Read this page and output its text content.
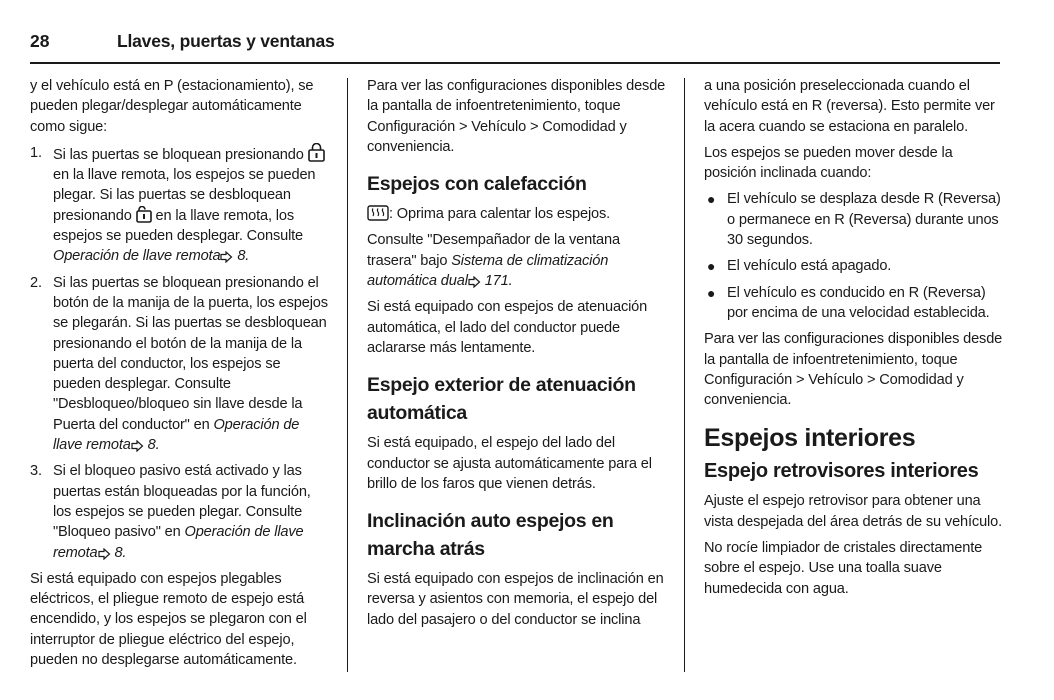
28	Llaves, puertas y ventanas

y el vehículo está en P (estacionamiento), se pueden plegar/desplegar automáticamente como sigue:

1. Si las puertas se bloquean presionando
en la llave remota, los espejos se pueden plegar. Si las puertas se desbloquean presionando en la llave remota, los espejos se pueden desplegar. Consulte Operación de llave remota 8.
2. Si las puertas se bloquean presionando el botón de la manija de la puerta, los espejos se plegarán. Si las puertas se desbloquean presionando el botón de la manija de la puerta del conductor, los espejos se pueden desplegar. Consulte "Desbloqueo/bloqueo sin llave desde la Puerta del conductor" en Operación de llave remota 8.
3. Si el bloqueo pasivo está activado y las puertas están bloqueadas por la función, los espejos se pueden plegar. Consulte "Bloqueo pasivo" en Operación de llave remota 8.

Si está equipado con espejos plegables eléctricos, el pliegue remoto de espejo está encendido, y los espejos se plegaron con el interruptor de pliegue eléctrico del espejo, pueden no desplegarse automáticamente.

Para ver las configuraciones disponibles desde la pantalla de infoentretenimiento, toque Configuración > Vehículo > Comodidad y conveniencia.

Espejos con calefacción

: Oprima para calentar los espejos.

Consulte "Desempañador de la ventana trasera" bajo Sistema de climatización automática dual 171.

Si está equipado con espejos de atenuación automática, el lado del conductor puede aclararse más lentamente.

Espejo exterior de atenuación automática

Si está equipado, el espejo del lado del conductor se ajusta automáticamente para el brillo de los faros que vienen detrás.

Inclinación auto espejos en marcha atrás

Si está equipado con espejos de inclinación en reversa y asientos con memoria, el espejo del lado del pasajero o del conductor se inclina

a una posición preseleccionada cuando el vehículo está en R (reversa). Esto permite ver la acera cuando se estaciona en paralelo.

Los espejos se pueden mover desde la posición inclinada cuando:

● El vehículo se desplaza desde R (Reversa) o permanece en R (Reversa) durante unos 30 segundos.
● El vehículo está apagado.
● El vehículo es conducido en R (Reversa) por encima de una velocidad establecida.

Para ver las configuraciones disponibles desde la pantalla de infoentretenimiento, toque Configuración > Vehículo > Comodidad y conveniencia.

Espejos interiores
Espejo retrovisores interiores

Ajuste el espejo retrovisor para obtener una vista despejada del área detrás de su vehículo.

No rocíe limpiador de cristales directamente sobre el espejo. Use una toalla suave humedecida con agua.
